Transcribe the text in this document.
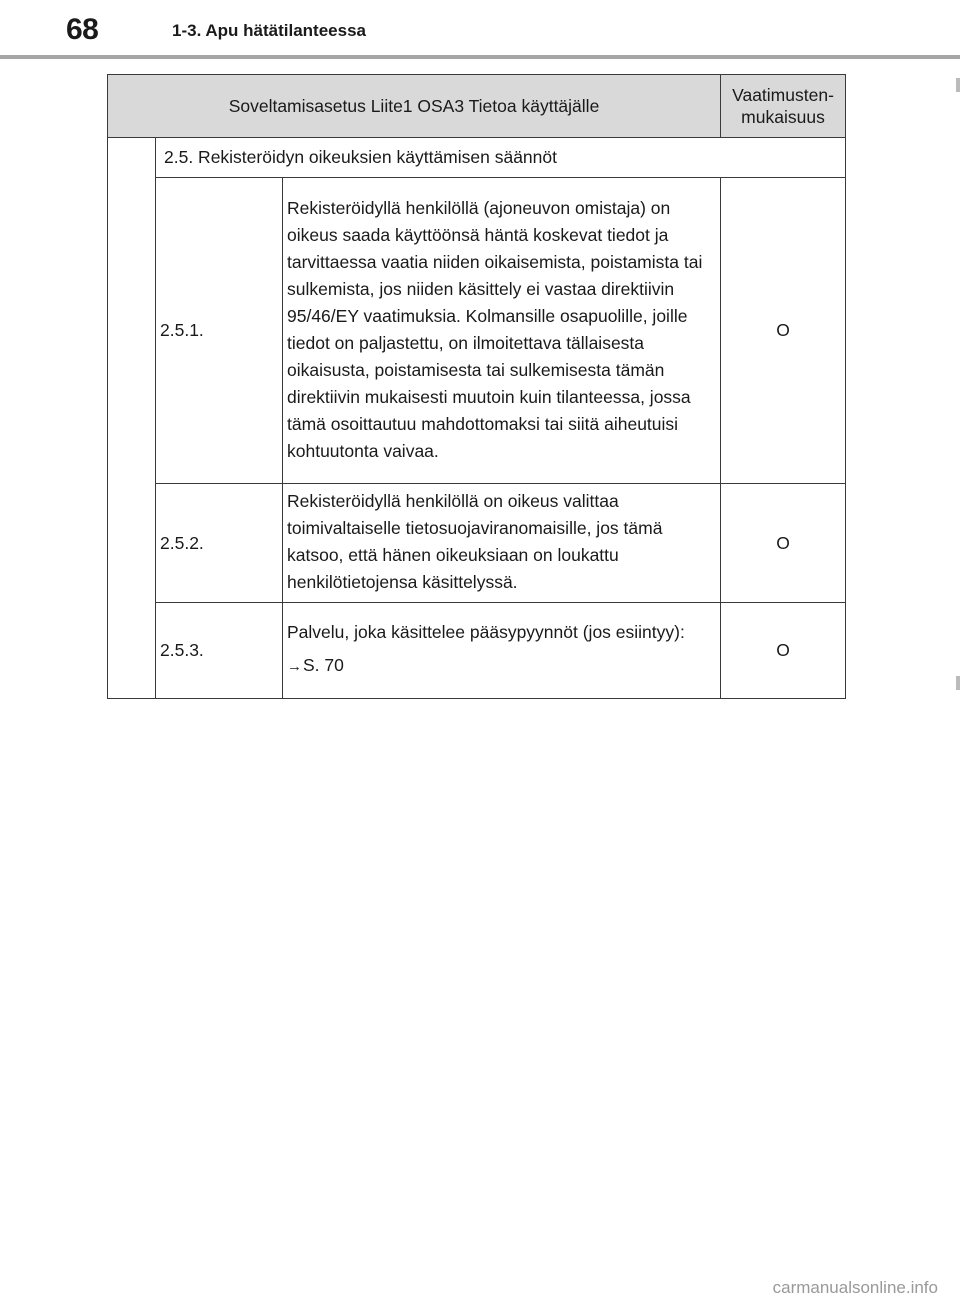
68	1-3. Apu hätätilanteessa
Soveltamisasetus Liite1 OSA3 Tietoa käyttäjälle			Vaatimusten-
mukaisuus
	2.5. Rekisteröidyn oikeuksien käyttämisen säännöt		
	2.5.1.	Rekisteröidyllä henkilöllä (ajoneuvon omistaja) on oikeus saada käyttöönsä häntä koskevat tiedot ja tarvittaessa vaatia niiden oikaisemista, poistamista tai sulkemista, jos niiden käsittely ei vastaa direktiivin 95/46/EY vaatimuksia. Kolmansille osapuolille, joille tiedot on paljastettu, on ilmoitettava tällaisesta oikaisusta, poistamisesta tai sulkemisesta tämän direktiivin mukaisesti muutoin kuin tilanteessa, jossa tämä osoittautuu mahdottomaksi tai siitä aiheutuisi kohtuutonta vaivaa.	O
	2.5.2.	Rekisteröidyllä henkilöllä on oikeus valittaa toimivaltaiselle tietosuojaviranomaisille, jos tämä katsoo, että hänen oikeuksiaan on loukattu henkilötietojensa käsittelyssä.	O
	2.5.3.	Palvelu, joka käsittelee pääsypyynnöt (jos esiintyy):

→S. 70	O
carmanualsonline.info
